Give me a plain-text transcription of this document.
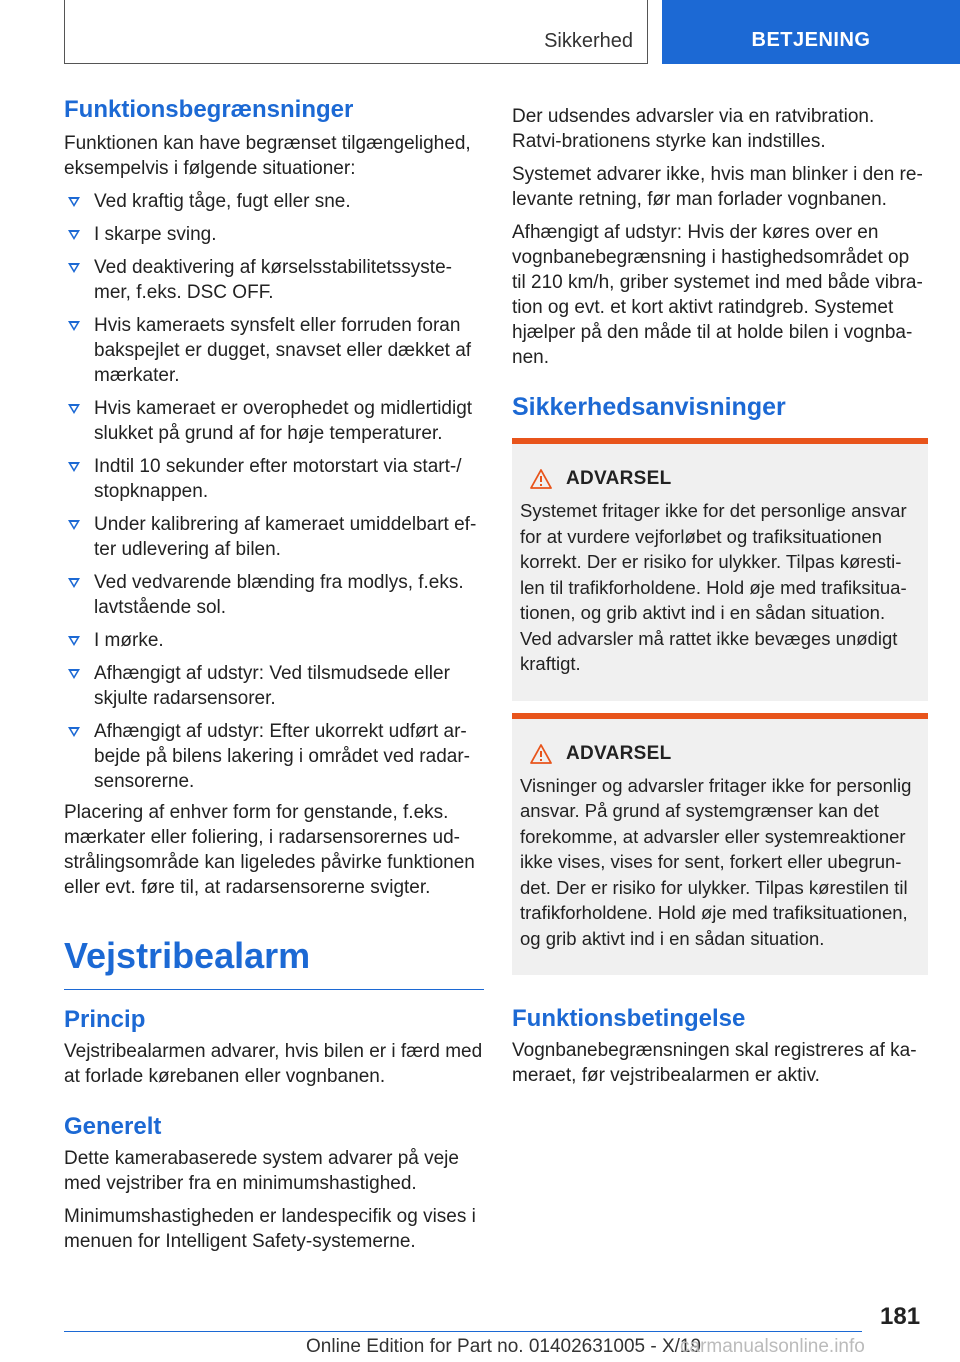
Sikkerhed	BETJENING
Funktionsbegrænsninger

Funktionen kan have begrænset tilgængelighed, eksempelvis i følgende situationer:

Ved kraftig tåge, fugt eller sne.
I skarpe sving.
Ved deaktivering af kørselsstabilitetssyste-mer, f.eks. DSC OFF.
Hvis kameraets synsfelt eller forruden foran bakspejlet er dugget, snavset eller dækket af mærkater.
Hvis kameraet er overophedet og midlertidigt slukket på grund af for høje temperaturer.
Indtil 10 sekunder efter motorstart via start-/ stopknappen.
Under kalibrering af kameraet umiddelbart ef-ter udlevering af bilen.
Ved vedvarende blænding fra modlys, f.eks. lavtstående sol.
I mørke.
Afhængigt af udstyr: Ved tilsmudsede eller skjulte radarsensorer.
Afhængigt af udstyr: Efter ukorrekt udført ar-bejde på bilens lakering i området ved radar-sensorerne.

Placering af enhver form for genstande, f.eks. mærkater eller foliering, i radarsensorernes ud-strålingsområde kan ligeledes påvirke funktionen eller evt. føre til, at radarsensorerne svigter.

Vejstribealarm
Princip

Vejstribealarmen advarer, hvis bilen er i færd med at forlade kørebanen eller vognbanen.

Generelt

Dette kamerabaserede system advarer på veje med vejstriber fra en minimumshastighed.

Minimumshastigheden er landespecifik og vises i menuen for Intelligent Safety-systemerne.

Der udsendes advarsler via en ratvibration. Ratvi-brationens styrke kan indstilles.

Systemet advarer ikke, hvis man blinker i den re-levante retning, før man forlader vognbanen.

Afhængigt af udstyr: Hvis der køres over en vognbanebegrænsning i hastighedsområdet op til 210 km/h, griber systemet ind med både vibra-tion og evt. et kort aktivt ratindgreb. Systemet hjælper på den måde til at holde bilen i vognba-nen.

Sikkerhedsanvisninger
ADVARSEL

Systemet fritager ikke for det personlige ansvar for at vurdere vejforløbet og trafiksituationen korrekt. Der er risiko for ulykker. Tilpas køresti-len til trafikforholdene. Hold øje med trafiksitua-tionen, og grib aktivt ind i en sådan situation. Ved advarsler må rattet ikke bevæges unødigt kraftigt.

ADVARSEL

Visninger og advarsler fritager ikke for personlig ansvar. På grund af systemgrænser kan det forekomme, at advarsler eller systemreaktioner ikke vises, vises for sent, forkert eller ubegrun-det. Der er risiko for ulykker. Tilpas kørestilen til trafikforholdene. Hold øje med trafiksituationen, og grib aktivt ind i en sådan situation.

Funktionsbetingelse

Vognbanebegrænsningen skal registreres af ka-meraet, før vejstribealarmen er aktiv.

181
Online Edition for Part no. 01402631005 - X/19
carmanualsonline.info
